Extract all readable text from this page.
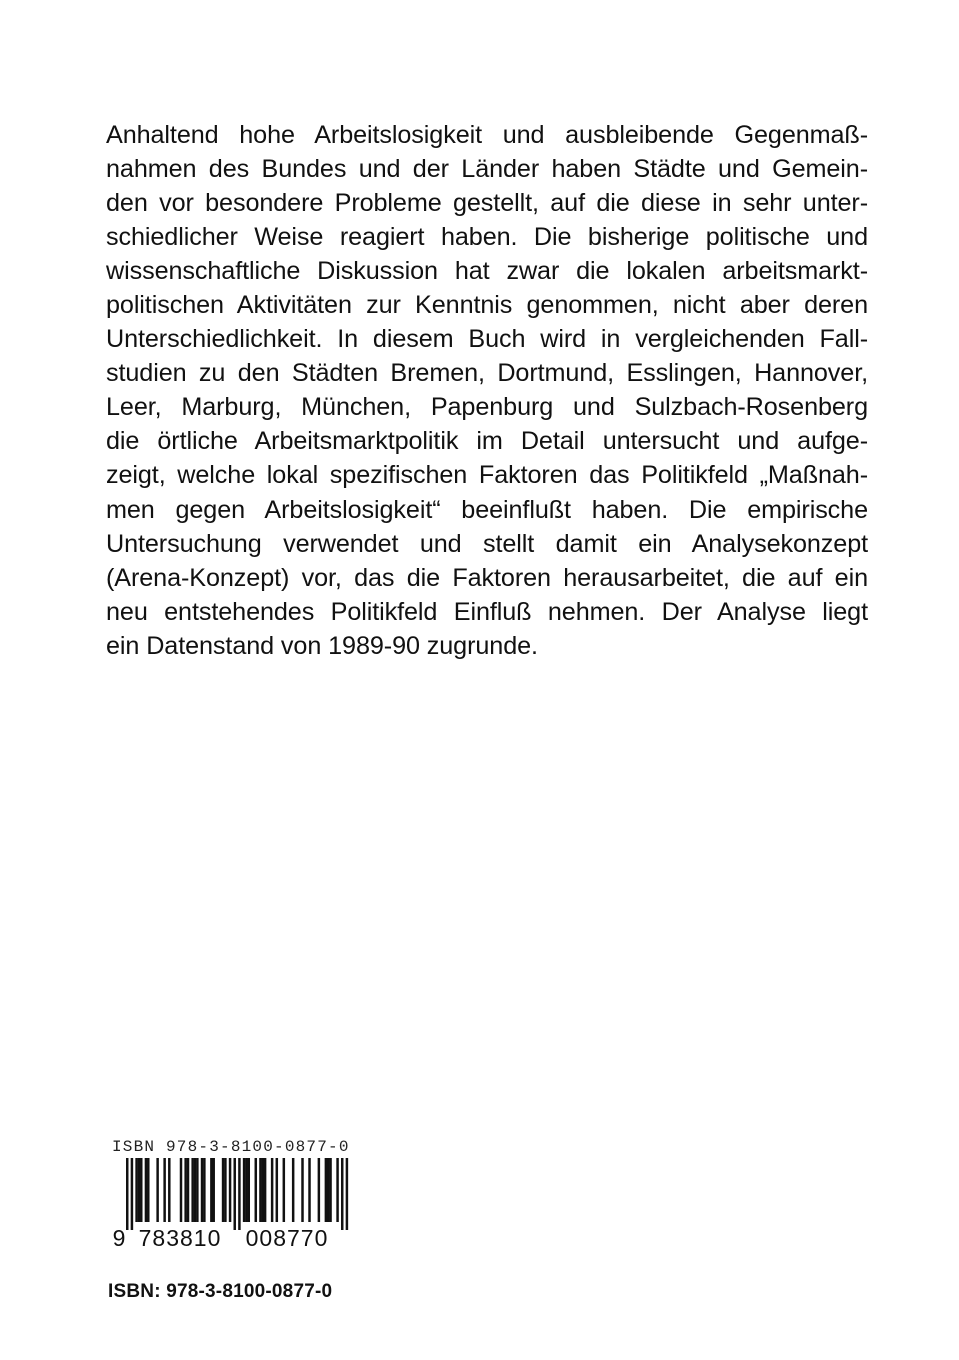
Anhaltend hohe Arbeitslosigkeit und ausbleibende Gegenmaß-
nahmen des Bundes und der Länder haben Städte und Gemein-
den vor besondere Probleme gestellt, auf die diese in sehr unter-
schiedlicher Weise reagiert haben. Die bisherige politische und
wissenschaftliche Diskussion hat zwar die lokalen arbeitsmarkt-
politischen Aktivitäten zur Kenntnis genommen, nicht aber deren
Unterschiedlichkeit. In diesem Buch wird in vergleichenden Fall-
studien zu den Städten Bremen, Dortmund, Esslingen, Hannover,
Leer, Marburg, München, Papenburg und Sulzbach-Rosenberg
die örtliche Arbeitsmarktpolitik im Detail untersucht und aufge-
zeigt, welche lokal spezifischen Faktoren das Politikfeld „Maßnah-
men gegen Arbeitslosigkeit“ beeinflußt haben. Die empirische
Untersuchung verwendet und stellt damit ein Analysekonzept
(Arena-Konzept) vor, das die Faktoren herausarbeitet, die auf ein
neu entstehendes Politikfeld Einfluß nehmen. Der Analyse liegt
ein Datenstand von 1989-90 zugrunde.
ISBN 978-3-8100-0877-0
9 783810 008770
ISBN: 978-3-8100-0877-0
